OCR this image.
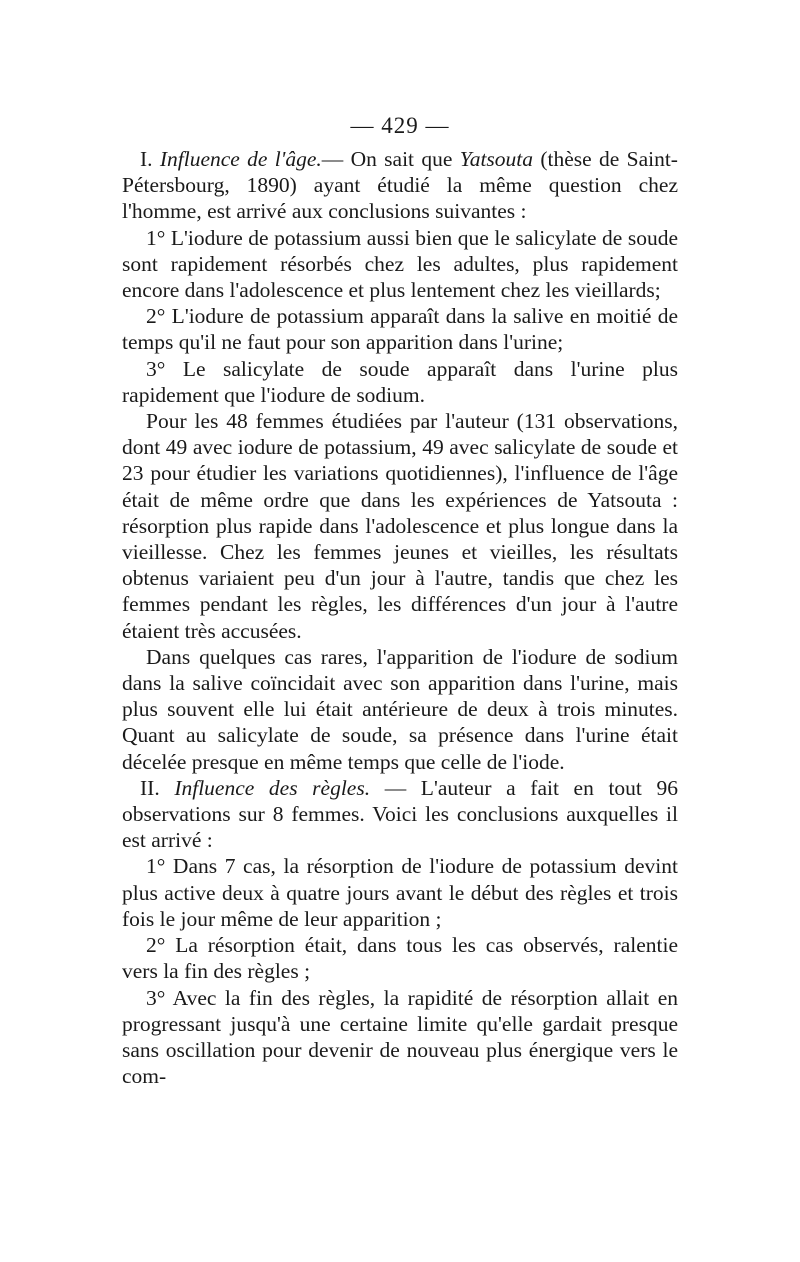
— 429 —

I. Influence de l'âge.— On sait que Yatsouta (thèse de Saint-Pétersbourg, 1890) ayant étudié la même question chez l'homme, est arrivé aux conclusions suivantes :

1° L'iodure de potassium aussi bien que le salicylate de soude sont rapidement résorbés chez les adultes, plus rapidement encore dans l'adolescence et plus lentement chez les vieillards;

2° L'iodure de potassium apparaît dans la salive en moitié de temps qu'il ne faut pour son apparition dans l'urine;

3° Le salicylate de soude apparaît dans l'urine plus rapidement que l'iodure de sodium.

Pour les 48 femmes étudiées par l'auteur (131 observations, dont 49 avec iodure de potassium, 49 avec salicylate de soude et 23 pour étudier les variations quotidiennes), l'influence de l'âge était de même ordre que dans les expériences de Yatsouta : résorption plus rapide dans l'adolescence et plus longue dans la vieillesse. Chez les femmes jeunes et vieilles, les résultats obtenus variaient peu d'un jour à l'autre, tandis que chez les femmes pendant les règles, les différences d'un jour à l'autre étaient très accusées.

Dans quelques cas rares, l'apparition de l'iodure de sodium dans la salive coïncidait avec son apparition dans l'urine, mais plus souvent elle lui était antérieure de deux à trois minutes. Quant au salicylate de soude, sa présence dans l'urine était décelée presque en même temps que celle de l'iode.

II. Influence des règles. — L'auteur a fait en tout 96 observations sur 8 femmes. Voici les conclusions auxquelles il est arrivé :

1° Dans 7 cas, la résorption de l'iodure de potassium devint plus active deux à quatre jours avant le début des règles et trois fois le jour même de leur apparition ;

2° La résorption était, dans tous les cas observés, ralentie vers la fin des règles ;

3° Avec la fin des règles, la rapidité de résorption allait en progressant jusqu'à une certaine limite qu'elle gardait presque sans oscillation pour devenir de nouveau plus énergique vers le com-
